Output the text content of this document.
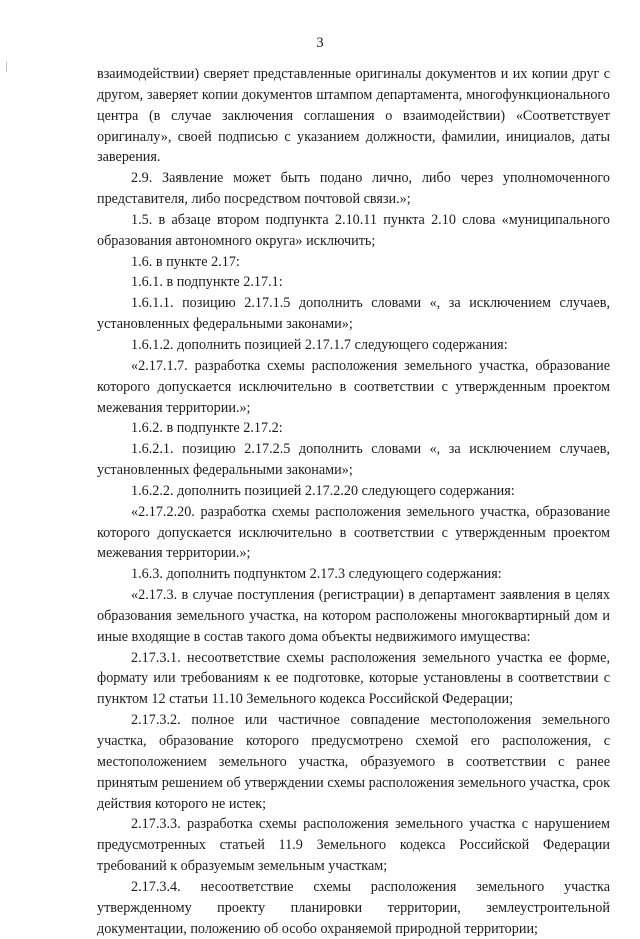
3

взаимодействии) сверяет представленные оригиналы документов и их копии друг с другом, заверяет копии документов штампом департамента, многофункционального центра (в случае заключения соглашения о взаимодействии) «Соответствует оригиналу», своей подписью с указанием должности, фамилии, инициалов, даты заверения.

2.9. Заявление может быть подано лично, либо через уполномоченного представителя, либо посредством почтовой связи.»;

1.5. в абзаце втором подпункта 2.10.11 пункта 2.10 слова «муниципального образования автономного округа» исключить;

1.6. в пункте 2.17:

1.6.1. в подпункте 2.17.1:

1.6.1.1. позицию 2.17.1.5 дополнить словами «, за исключением случаев, установленных федеральными законами»;

1.6.1.2. дополнить позицией 2.17.1.7 следующего содержания:

«2.17.1.7. разработка схемы расположения земельного участка, образование которого допускается исключительно в соответствии с утвержденным проектом межевания территории.»;

1.6.2. в подпункте 2.17.2:

1.6.2.1. позицию 2.17.2.5 дополнить словами «, за исключением случаев, установленных федеральными законами»;

1.6.2.2. дополнить позицией 2.17.2.20 следующего содержания:

«2.17.2.20. разработка схемы расположения земельного участка, образование которого допускается исключительно в соответствии с утвержденным проектом межевания территории.»;

1.6.3. дополнить подпунктом 2.17.3 следующего содержания:

«2.17.3. в случае поступления (регистрации) в департамент заявления в целях образования земельного участка, на котором расположены многоквартирный дом и иные входящие в состав такого дома объекты недвижимого имущества:

2.17.3.1. несоответствие схемы расположения земельного участка ее форме, формату или требованиям к ее подготовке, которые установлены в соответствии с пунктом 12 статьи 11.10 Земельного кодекса Российской Федерации;

2.17.3.2. полное или частичное совпадение местоположения земельного участка, образование которого предусмотрено схемой его расположения, с местоположением земельного участка, образуемого в соответствии с ранее принятым решением об утверждении схемы расположения земельного участка, срок действия которого не истек;

2.17.3.3. разработка схемы расположения земельного участка с нарушением предусмотренных статьей 11.9 Земельного кодекса Российской Федерации требований к образуемым земельным участкам;

2.17.3.4. несоответствие схемы расположения земельного участка утвержденному проекту планировки территории, землеустроительной документации, положению об особо охраняемой природной территории;
